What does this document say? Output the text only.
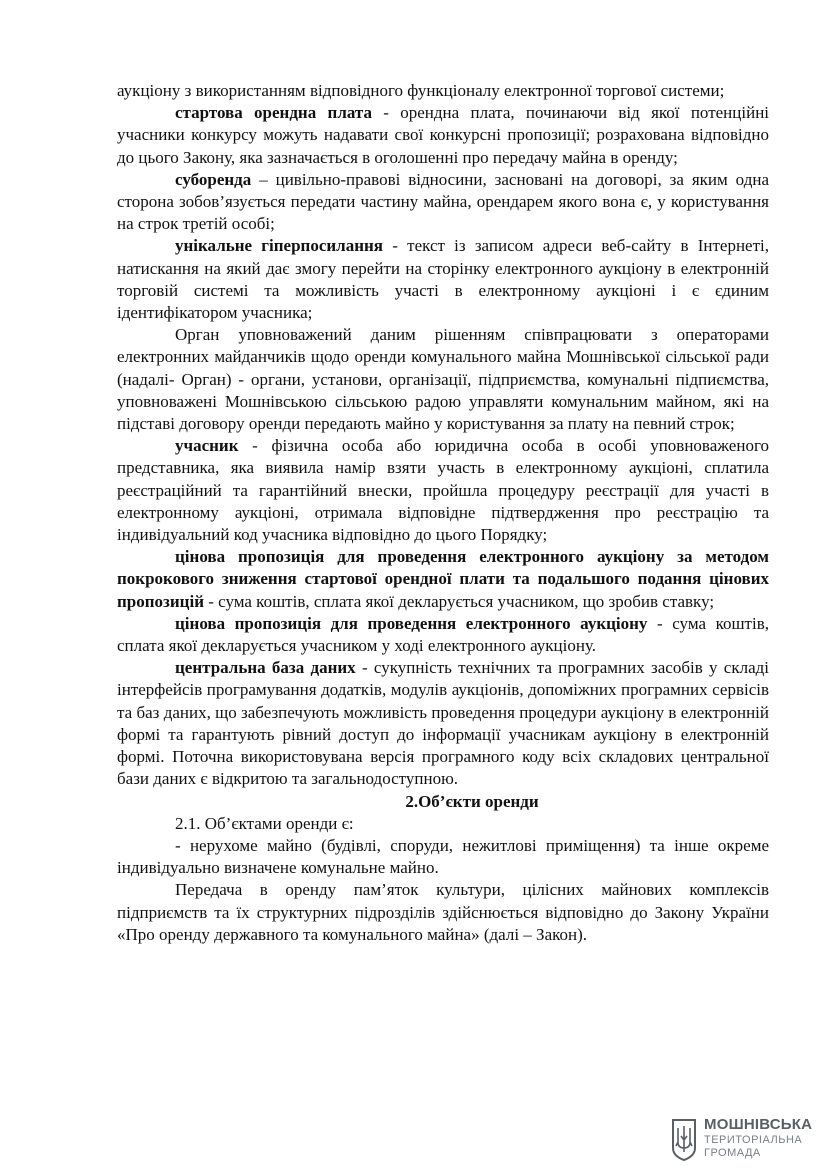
аукціону з використанням відповідного функціоналу електронної торгової системи;

стартова орендна плата - орендна плата, починаючи від якої потенційні учасники конкурсу можуть надавати свої конкурсні пропозиції; розрахована відповідно до цього Закону, яка зазначається в оголошенні про передачу майна в оренду;

суборенда – цивільно-правові відносини, засновані на договорі, за яким одна сторона зобов’язується передати частину майна, орендарем якого вона є, у користування на строк третій особі;

унікальне гіперпосилання - текст із записом адреси веб-сайту в Інтернеті, натискання на який дає змогу перейти на сторінку електронного аукціону в електронній торговій системі та можливість участі в електронному аукціоні і є єдиним ідентифікатором учасника;

Орган уповноважений даним рішенням співпрацювати з операторами електронних майданчиків щодо оренди комунального майна Мошнівської сільської ради (надалі- Орган) - органи, установи, організації, підприємства, комунальні підпиємства, уповноважені Мошнівською сільською радою управляти комунальним майном, які на підставі договору оренди передають майно у користування за плату на певний строк;

учасник - фізична особа або юридична особа в особі уповноваженого представника, яка виявила намір взяти участь в електронному аукціоні, сплатила реєстраційний та гарантійний внески, пройшла процедуру реєстрації для участі в електронному аукціоні, отримала відповідне підтвердження про реєстрацію та індивідуальний код учасника відповідно до цього Порядку;

цінова пропозиція для проведення електронного аукціону за методом покрокового зниження стартової орендної плати та подальшого подання цінових пропозицій - сума коштів, сплата якої декларується учасником, що зробив ставку;

цінова пропозиція для проведення електронного аукціону - сума коштів, сплата якої декларується учасником у ході електронного аукціону.

центральна база даних - сукупність технічних та програмних засобів у складі інтерфейсів програмування додатків, модулів аукціонів, допоміжних програмних сервісів та баз даних, що забезпечують можливість проведення процедури аукціону в електронній формі та гарантують рівний доступ до інформації учасникам аукціону в електронній формі. Поточна використовувана версія програмного коду всіх складових центральної бази даних є відкритою та загальнодоступною.

2.Об’єкти оренди

2.1. Об’єктами оренди є:

- нерухоме майно (будівлі, споруди, нежитлові приміщення) та інше окреме індивідуально визначене комунальне майно.

Передача в оренду пам’яток культури, цілісних майнових комплексів підприємств та їх структурних підрозділів здійснюється відповідно до Закону України «Про оренду державного та комунального майна» (далі – Закон).

МОШНІВСЬКА
ТЕРИТОРІАЛЬНА
ГРОМАДА
